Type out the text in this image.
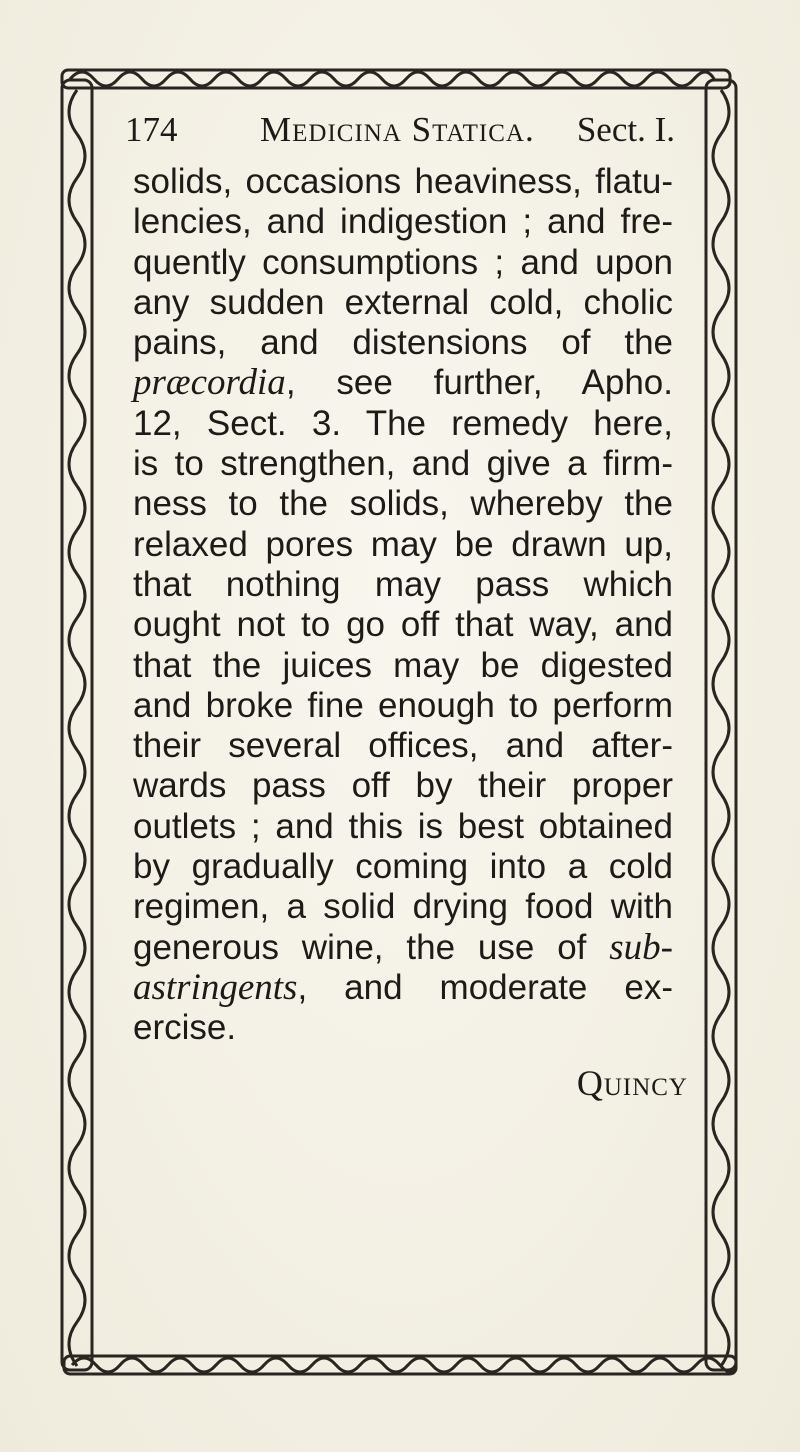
174 Medicina Statica. Sect. I.
solids, occasions heaviness, flatu-
lencies, and indigestion ; and fre-
quently consumptions ; and upon
any sudden external cold, cholic
pains, and distensions of the
præcordia, see further, Apho.
12, Sect. 3. The remedy here,
is to strengthen, and give a firm-
ness to the solids, whereby the
relaxed pores may be drawn up,
that nothing may pass which
ought not to go off that way, and
that the juices may be digested
and broke fine enough to perform
their several offices, and after-
wards pass off by their proper
outlets ; and this is best obtained
by gradually coming into a cold
regimen, a solid drying food with
generous wine, the use of sub-
astringents, and moderate ex-
ercise.
Quincy
